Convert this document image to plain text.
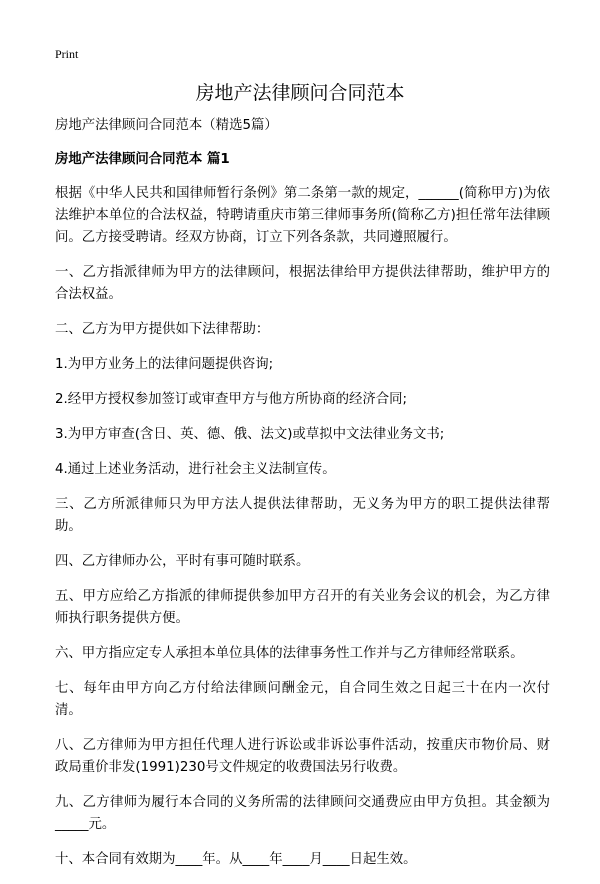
Print
房地产法律顾问合同范本

房地产法律顾问合同范本（精选5篇）

房地产法律顾问合同范本 篇1

根据《中华人民共和国律师暂行条例》第二条第一款的规定，______(简称甲方)为依法维护本单位的合法权益，特聘请重庆市第三律师事务所(简称乙方)担任常年法律顾问。乙方接受聘请。经双方协商，订立下列各条款，共同遵照履行。

一、乙方指派律师为甲方的法律顾问，根据法律给甲方提供法律帮助，维护甲方的合法权益。

二、乙方为甲方提供如下法律帮助：

1.为甲方业务上的法律问题提供咨询;

2.经甲方授权参加签订或审查甲方与他方所协商的经济合同;

3.为甲方审查(含日、英、德、俄、法文)或草拟中文法律业务文书;

4.通过上述业务活动，进行社会主义法制宣传。

三、乙方所派律师只为甲方法人提供法律帮助，无义务为甲方的职工提供法律帮助。

四、乙方律师办公，平时有事可随时联系。

五、甲方应给乙方指派的律师提供参加甲方召开的有关业务会议的机会，为乙方律师执行职务提供方便。

六、甲方指应定专人承担本单位具体的法律事务性工作并与乙方律师经常联系。

七、每年由甲方向乙方付给法律顾问酬金元，自合同生效之日起三十在内一次付清。

八、乙方律师为甲方担任代理人进行诉讼或非诉讼事件活动，按重庆市物价局、财政局重价非发(1991)230号文件规定的收费国法另行收费。

九、乙方律师为履行本合同的义务所需的法律顾问交通费应由甲方负担。其金额为_____元。

十、本合同有效期为____年。从____年____月____日起生效。
